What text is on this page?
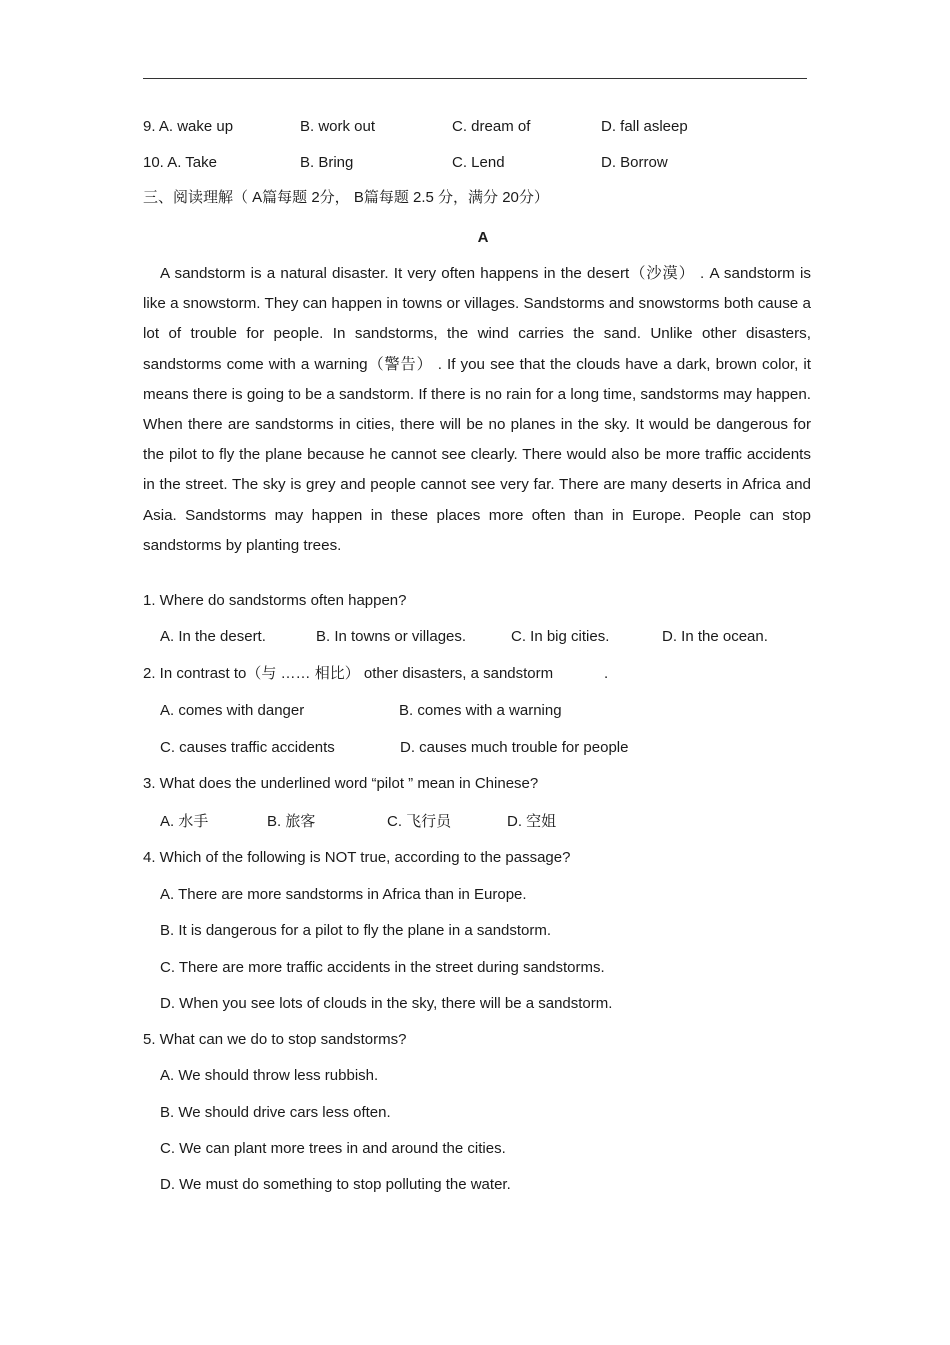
9. A. wake up	B. work out	C. dream of	D. fall asleep
10. A. Take	B. Bring	C. Lend	D. Borrow
三、阅读理解（ A篇每题 2分， B篇每题 2.5 分，满分 20分）
A
A sandstorm is a natural disaster. It very often happens in the desert（沙漠） . A sandstorm is like a snowstorm. They can happen in towns or villages. Sandstorms and snowstorms both cause a lot of trouble for people. In sandstorms, the wind carries the sand. Unlike other disasters, sandstorms come with a warning（警告） . If you see that the clouds have a dark, brown color, it means there is going to be a sandstorm. If there is no rain for a long time, sandstorms may happen. When there are sandstorms in cities, there will be no planes in the sky. It would be dangerous for the pilot to fly the plane because he cannot see clearly. There would also be more traffic accidents in the street. The sky is grey and people cannot see very far. There are many deserts in Africa and Asia. Sandstorms may happen in these places more often than in Europe. People can stop sandstorms by planting trees.
1. Where do sandstorms often happen?
A. In the desert.	B. In towns or villages.	C. In big cities.	D. In the ocean.
2. In contrast to（与 …… 相比） other disasters, a sandstorm	.
A. comes with danger	B. comes with a warning
C. causes traffic accidents	D. causes much trouble for people
3. What does the underlined word “pilot ” mean in Chinese?
A. 水手	B. 旅客	C. 飞行员	D. 空姐
4. Which of the following is NOT true, according to the passage?
A. There are more sandstorms in Africa than in Europe.
B. It is dangerous for a pilot to fly the plane in a sandstorm.
C. There are more traffic accidents in the street during sandstorms.
D. When you see lots of clouds in the sky, there will be a sandstorm.
5. What can we do to stop sandstorms?
A. We should throw less rubbish.
B. We should drive cars less often.
C. We can plant more trees in and around the cities.
D. We must do something to stop polluting the water.
